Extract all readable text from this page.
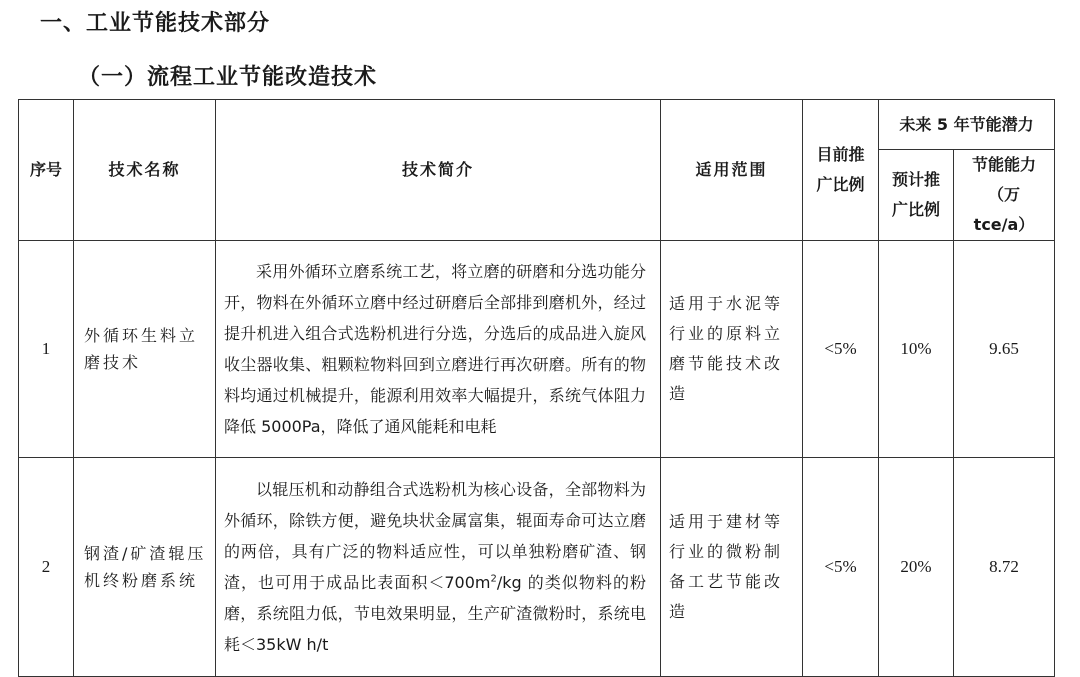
一、工业节能技术部分
（一）流程工业节能改造技术
序号	技术名称	技术简介	适用范围	目前推广比例	未来 5 年节能潜力	
					预计推广比例	节能能力（万 tce/a）
1	外循环生料立磨技术	采用外循环立磨系统工艺，将立磨的研磨和分选功能分开，物料在外循环立磨中经过研磨后全部排到磨机外，经过提升机进入组合式选粉机进行分选，分选后的成品进入旋风收尘器收集、粗颗粒物料回到立磨进行再次研磨。所有的物料均通过机械提升，能源利用效率大幅提升，系统气体阻力降低 5000Pa，降低了通风能耗和电耗	适用于水泥等行业的原料立磨节能技术改造	<5%	10%	9.65
2	钢渣/矿渣辊压机终粉磨系统	以辊压机和动静组合式选粉机为核心设备，全部物料为外循环，除铁方便，避免块状金属富集，辊面寿命可达立磨的两倍，具有广泛的物料适应性，可以单独粉磨矿渣、钢渣，也可用于成品比表面积$<700m^2/kg$ 的类似物料的粉磨，系统阻力低，节电效果明显，生产矿渣微粉时，系统电耗＜35kW h/t	适用于建材等行业的微粉制备工艺节能改造	<5%	20%	8.72
